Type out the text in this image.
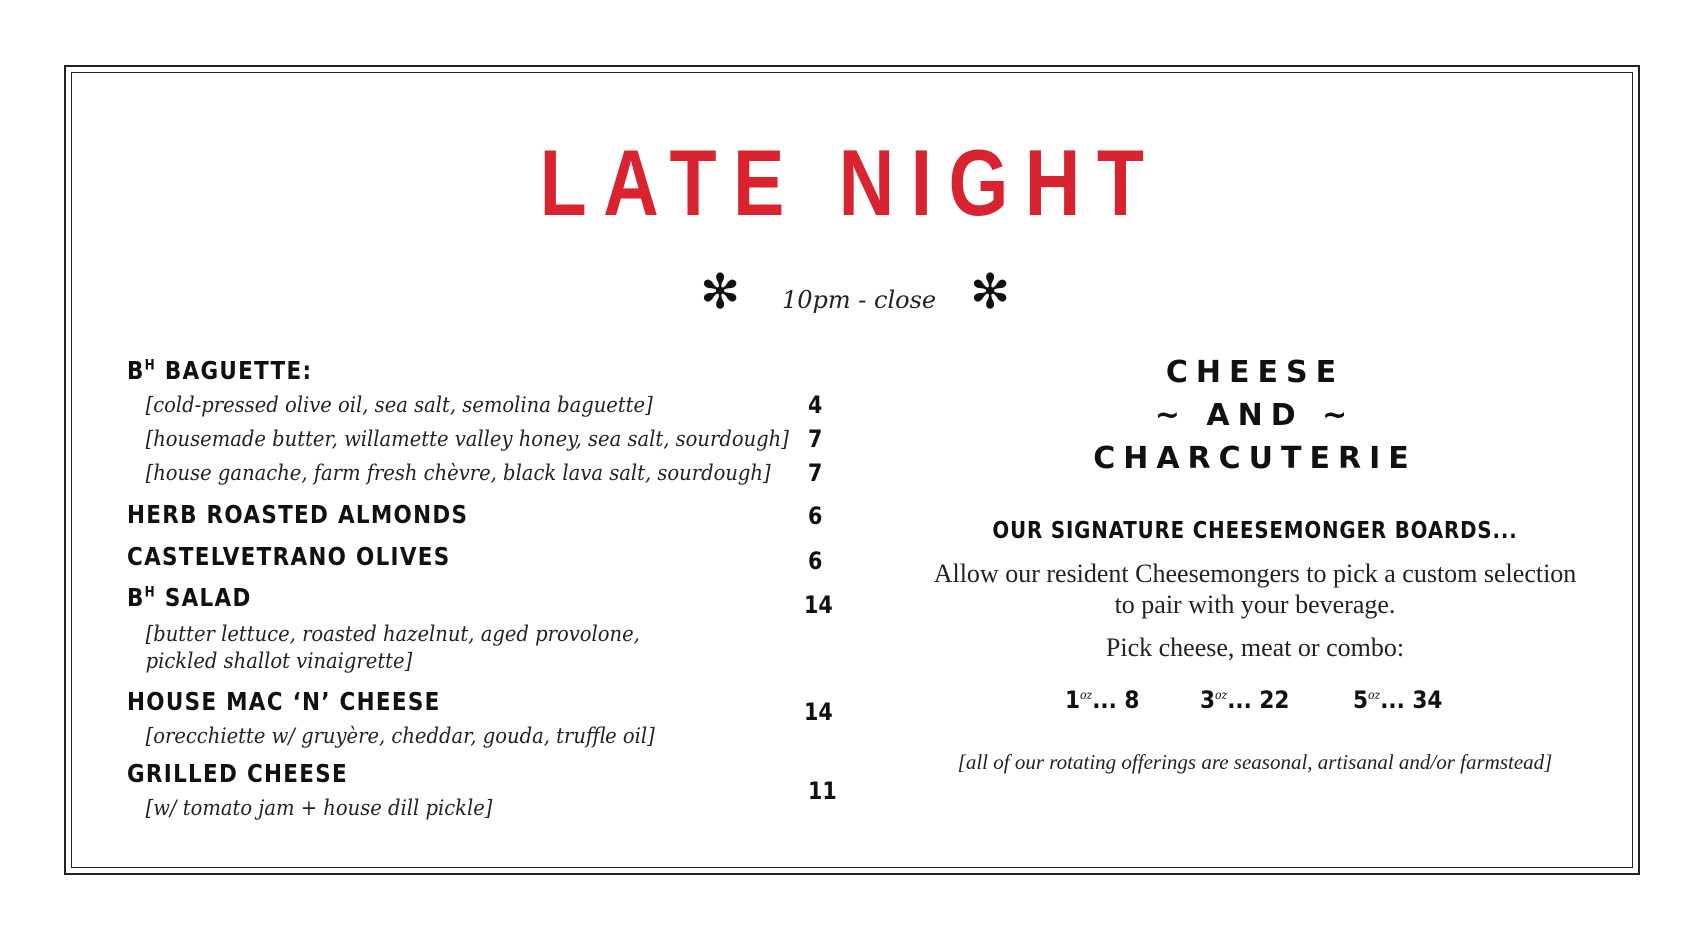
LATE NIGHT
✻ 10pm - close ✻
$B^H$ BAGUETTE:
[cold-pressed olive oil, sea salt, semolina baguette]
[housemade butter, willamette valley honey, sea salt, sourdough]
[house ganache, farm fresh chèvre, black lava salt, sourdough]
HERB ROASTED ALMONDS
CASTELVETRANO OLIVES
$B^H$ SALAD
[butter lettuce, roasted hazelnut, aged provolone, pickled shallot vinaigrette]
HOUSE MAC ‘N’ CHEESE
[orecchiette w/ gruyère, cheddar, gouda, truffle oil]
GRILLED CHEESE
[w/ tomato jam + house dill pickle]
4
7
7
6
6
14
14
11
CHEESE
~ AND ~
CHARCUTERIE
OUR SIGNATURE CHEESEMONGER BOARDS...
Allow our resident Cheesemongers to pick a custom selection to pair with your beverage.
Pick cheese, meat or combo:
$1^{oz}$... 8	$3^{oz}$... 22	$5^{oz}$... 34
[all of our rotating offerings are seasonal, artisanal and/or farmstead]
